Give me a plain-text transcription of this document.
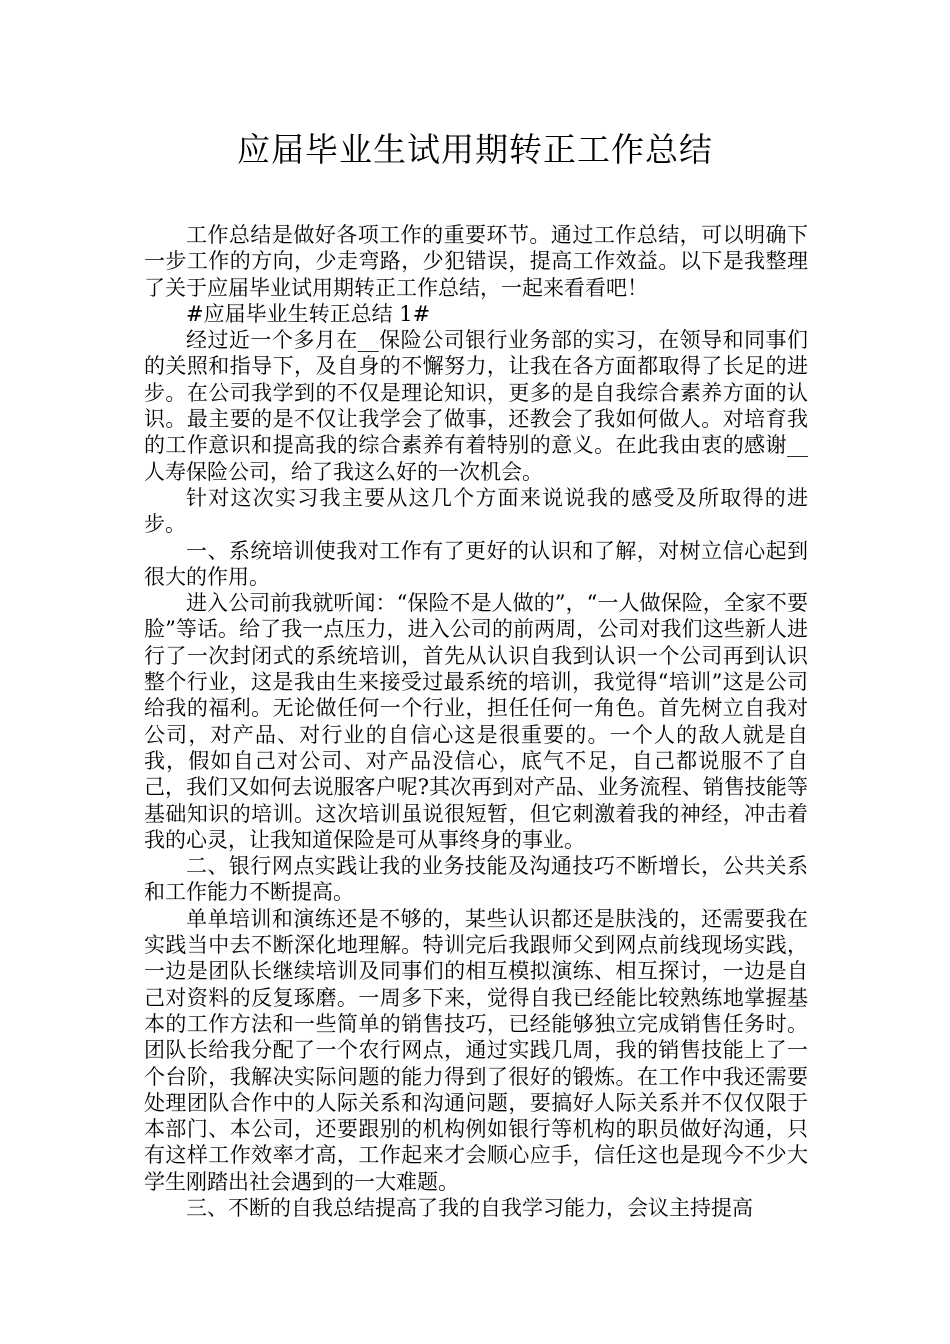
应届毕业生试用期转正工作总结

工作总结是做好各项工作的重要环节。通过工作总结，可以明确下一步工作的方向，少走弯路，少犯错误，提高工作效益。以下是我整理了关于应届毕业试用期转正工作总结，一起来看看吧！

#应届毕业生转正总结 1#

经过近一个多月在__保险公司银行业务部的实习，在领导和同事们的关照和指导下，及自身的不懈努力，让我在各方面都取得了长足的进步。在公司我学到的不仅是理论知识，更多的是自我综合素养方面的认识。最主要的是不仅让我学会了做事，还教会了我如何做人。对培育我的工作意识和提高我的综合素养有着特别的意义。在此我由衷的感谢__人寿保险公司，给了我这么好的一次机会。

针对这次实习我主要从这几个方面来说说我的感受及所取得的进步。

一、系统培训使我对工作有了更好的认识和了解，对树立信心起到很大的作用。

进入公司前我就听闻：“保险不是人做的”，“一人做保险，全家不要脸”等话。给了我一点压力，进入公司的前两周，公司对我们这些新人进行了一次封闭式的系统培训，首先从认识自我到认识一个公司再到认识整个行业，这是我由生来接受过最系统的培训，我觉得“培训”这是公司给我的福利。无论做任何一个行业，担任任何一角色。首先树立自我对公司，对产品、对行业的自信心这是很重要的。一个人的敌人就是自我，假如自己对公司、对产品没信心，底气不足，自己都说服不了自己，我们又如何去说服客户呢?其次再到对产品、业务流程、销售技能等基础知识的培训。这次培训虽说很短暂，但它刺激着我的神经，冲击着我的心灵，让我知道保险是可从事终身的事业。

二、银行网点实践让我的业务技能及沟通技巧不断增长，公共关系和工作能力不断提高。

单单培训和演练还是不够的，某些认识都还是肤浅的，还需要我在实践当中去不断深化地理解。特训完后我跟师父到网点前线现场实践，一边是团队长继续培训及同事们的相互模拟演练、相互探讨，一边是自己对资料的反复琢磨。一周多下来，觉得自我已经能比较熟练地掌握基本的工作方法和一些简单的销售技巧，已经能够独立完成销售任务时。团队长给我分配了一个农行网点，通过实践几周，我的销售技能上了一个台阶，我解决实际问题的能力得到了很好的锻炼。在工作中我还需要处理团队合作中的人际关系和沟通问题，要搞好人际关系并不仅仅限于本部门、本公司，还要跟别的机构例如银行等机构的职员做好沟通，只有这样工作效率才高，工作起来才会顺心应手，信任这也是现今不少大学生刚踏出社会遇到的一大难题。

三、不断的自我总结提高了我的自我学习能力，会议主持提高
